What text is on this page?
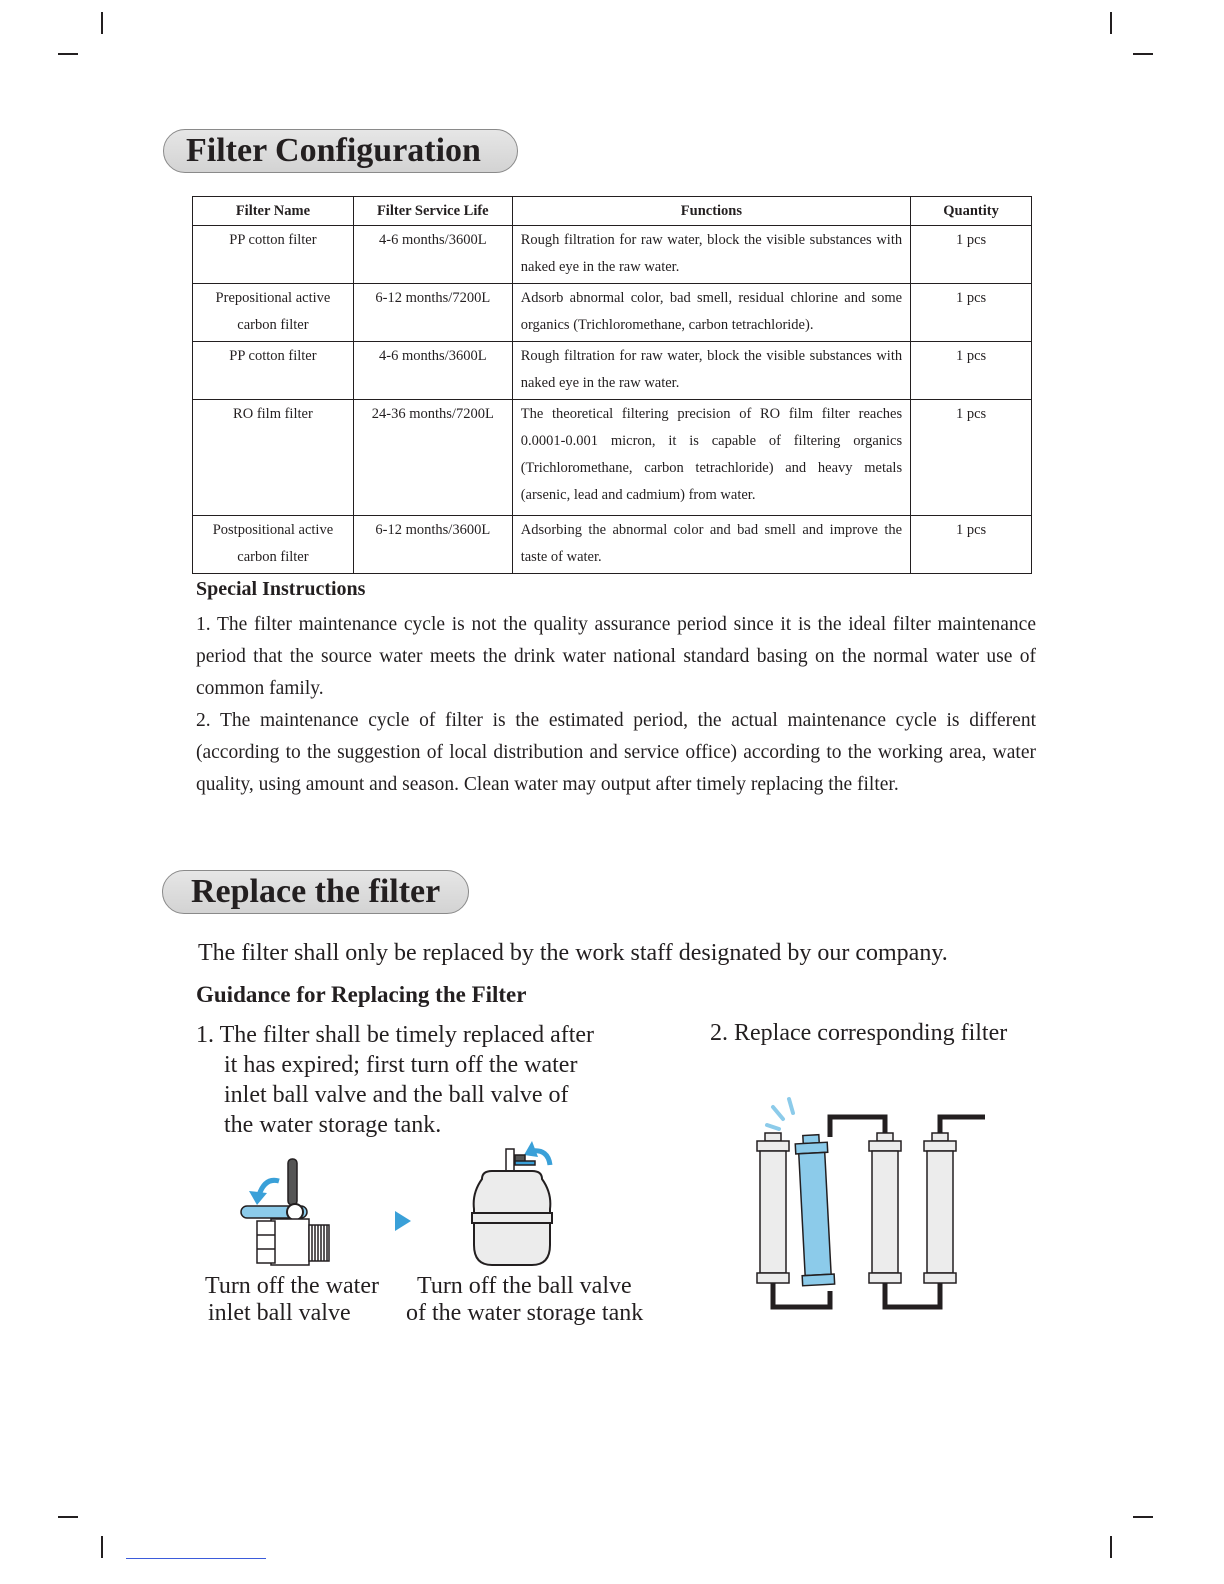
Filter Configuration
Filter Name	Filter Service Life	Functions	Quantity
PP cotton filter	4-6 months/3600L	Rough filtration for raw water, block the visible substances with naked eye in the raw water.	1 pcs
Prepositional active carbon filter	6-12 months/7200L	Adsorb abnormal color, bad smell, residual chlorine and some organics (Trichloromethane, carbon tetrachloride).	1 pcs
PP cotton filter	4-6 months/3600L	Rough filtration for raw water, block the visible substances with naked eye in the raw water.	1 pcs
RO film filter	24-36 months/7200L	The theoretical filtering precision of RO film filter reaches 0.0001-0.001 micron, it is capable of filtering organics (Trichloromethane, carbon tetrachloride) and heavy metals (arsenic, lead and cadmium) from water.	1 pcs
Postpositional active carbon filter	6-12 months/3600L	Adsorbing the abnormal color and bad smell and improve the taste of water.	1 pcs
Special Instructions
1. The filter maintenance cycle is not the quality assurance period since it is the ideal filter maintenance period that the source water meets the drink water national standard basing on the normal water use of common family.
2. The maintenance cycle of filter is the estimated period, the actual maintenance cycle is different (according to the suggestion of local distribution and service office) according to the working area, water quality, using amount and season. Clean water may output after timely replacing the filter.
Replace the filter
The filter shall only be replaced by the work staff designated by our company.
Guidance for Replacing the Filter
1. The filter shall be timely replaced after
it has expired; first turn off the water
inlet ball valve and the ball valve of
the water storage tank.
2. Replace corresponding filter
Turn off the water
inlet ball valve
Turn off the ball valve
of the water storage tank
